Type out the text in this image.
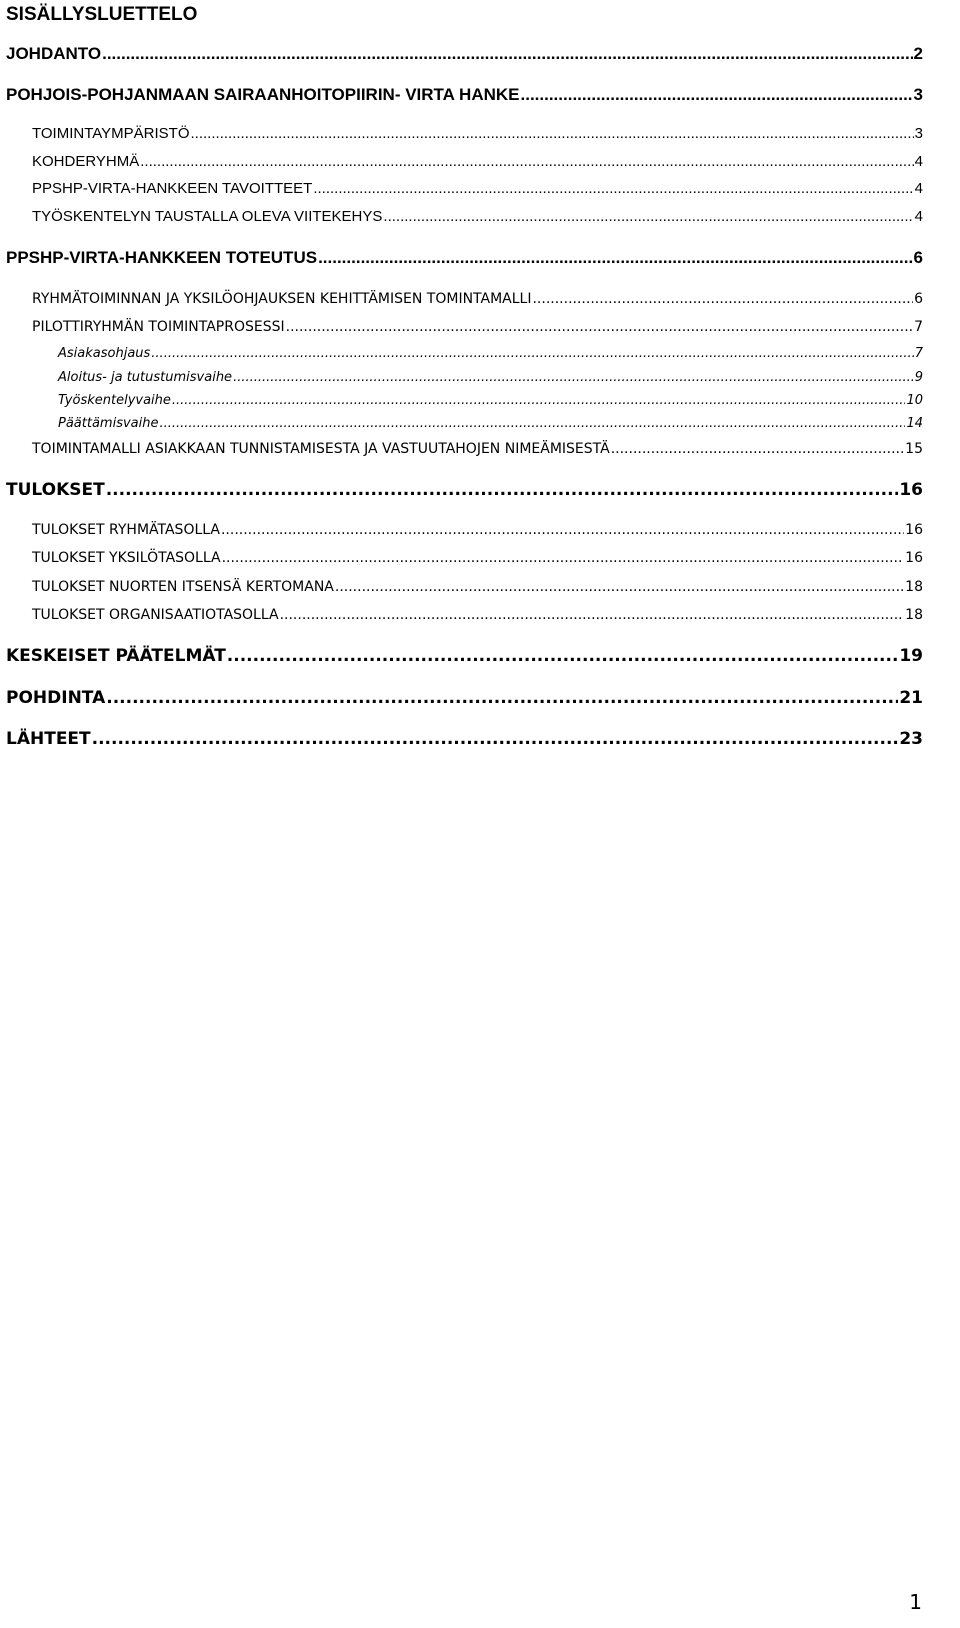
SISÄLLYSLUETTELO
JOHDANTO .....	2
POHJOIS-POHJANMAAN SAIRAANHOITOPIIRIN- VIRTA HANKE .....	3
TOIMINTAYMPÄRISTÖ .....	3
KOHDERYHMÄ .....	4
PPSHP-VIRTA-HANKKEEN TAVOITTEET .....	4
TYÖSKENTELYN TAUSTALLA OLEVA VIITEKEHYS .....	4
PPSHP-VIRTA-HANKKEEN TOTEUTUS .....	6
RYHMÄTOIMINNAN JA YKSILÖOHJAUKSEN KEHITTÄMISEN TOMINTAMALLI .....	6
PILOTTIRYHMÄN TOIMINTAPROSESSI .....	7
Asiakasohjaus .....	7
Aloitus- ja tutustumisvaihe .....	9
Työskentelyvaihe .....	10
Päättämisvaihe .....	14
TOIMINTAMALLI ASIAKKAAN TUNNISTAMISESTA JA VASTUUTAHOJEN NIMEÄMISESTÄ .....	15
TULOKSET .....	16
TULOKSET RYHMÄTASOLLA .....	16
TULOKSET YKSILÖTASOLLA .....	16
TULOKSET NUORTEN ITSENSÄ KERTOMANA .....	18
TULOKSET ORGANISAATIOTASOLLA .....	18
KESKEISET PÄÄTELMÄT .....	19
POHDINTA .....	21
LÄHTEET .....	23
1
